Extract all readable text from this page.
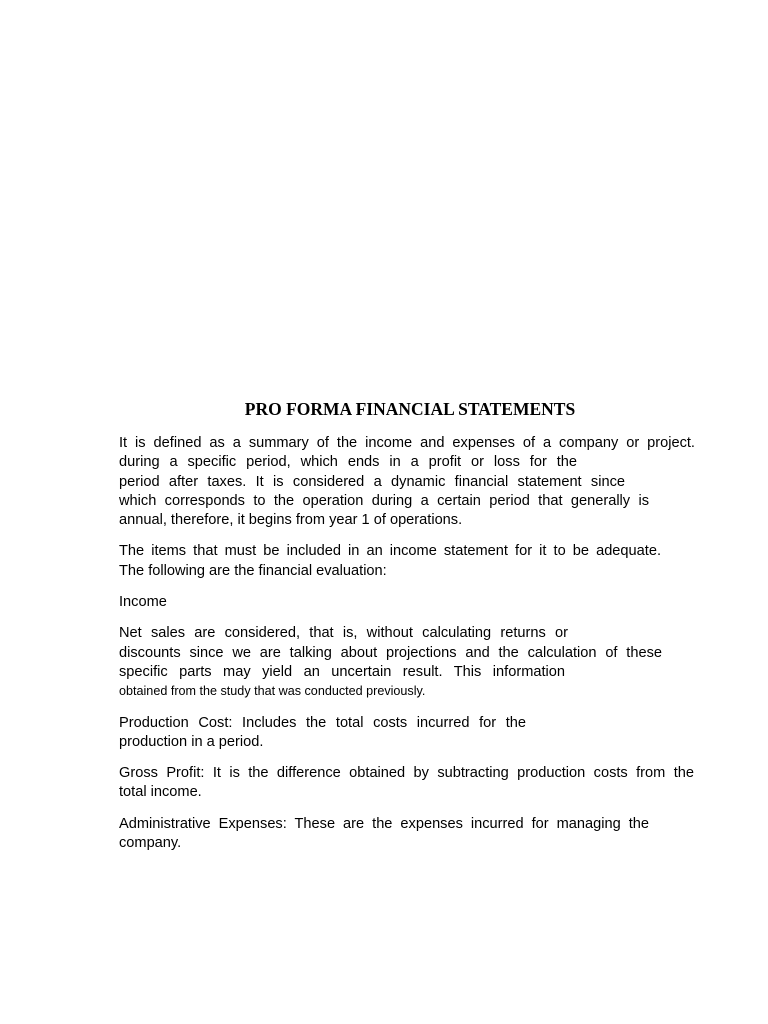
PRO FORMA FINANCIAL STATEMENTS

It is defined as a summary of the income and expenses of a company or project.
during a specific period, which ends in a profit or loss for the
period after taxes. It is considered a dynamic financial statement since
which corresponds to the operation during a certain period that generally is
annual, therefore, it begins from year 1 of operations.

The items that must be included in an income statement for it to be adequate.
The following are the financial evaluation:

Income

Net sales are considered, that is, without calculating returns or
discounts since we are talking about projections and the calculation of these
specific parts may yield an uncertain result. This information
obtained from the study that was conducted previously.

Production Cost: Includes the total costs incurred for the
production in a period.

Gross Profit: It is the difference obtained by subtracting production costs from the
total income.

Administrative Expenses: These are the expenses incurred for managing the
company.
